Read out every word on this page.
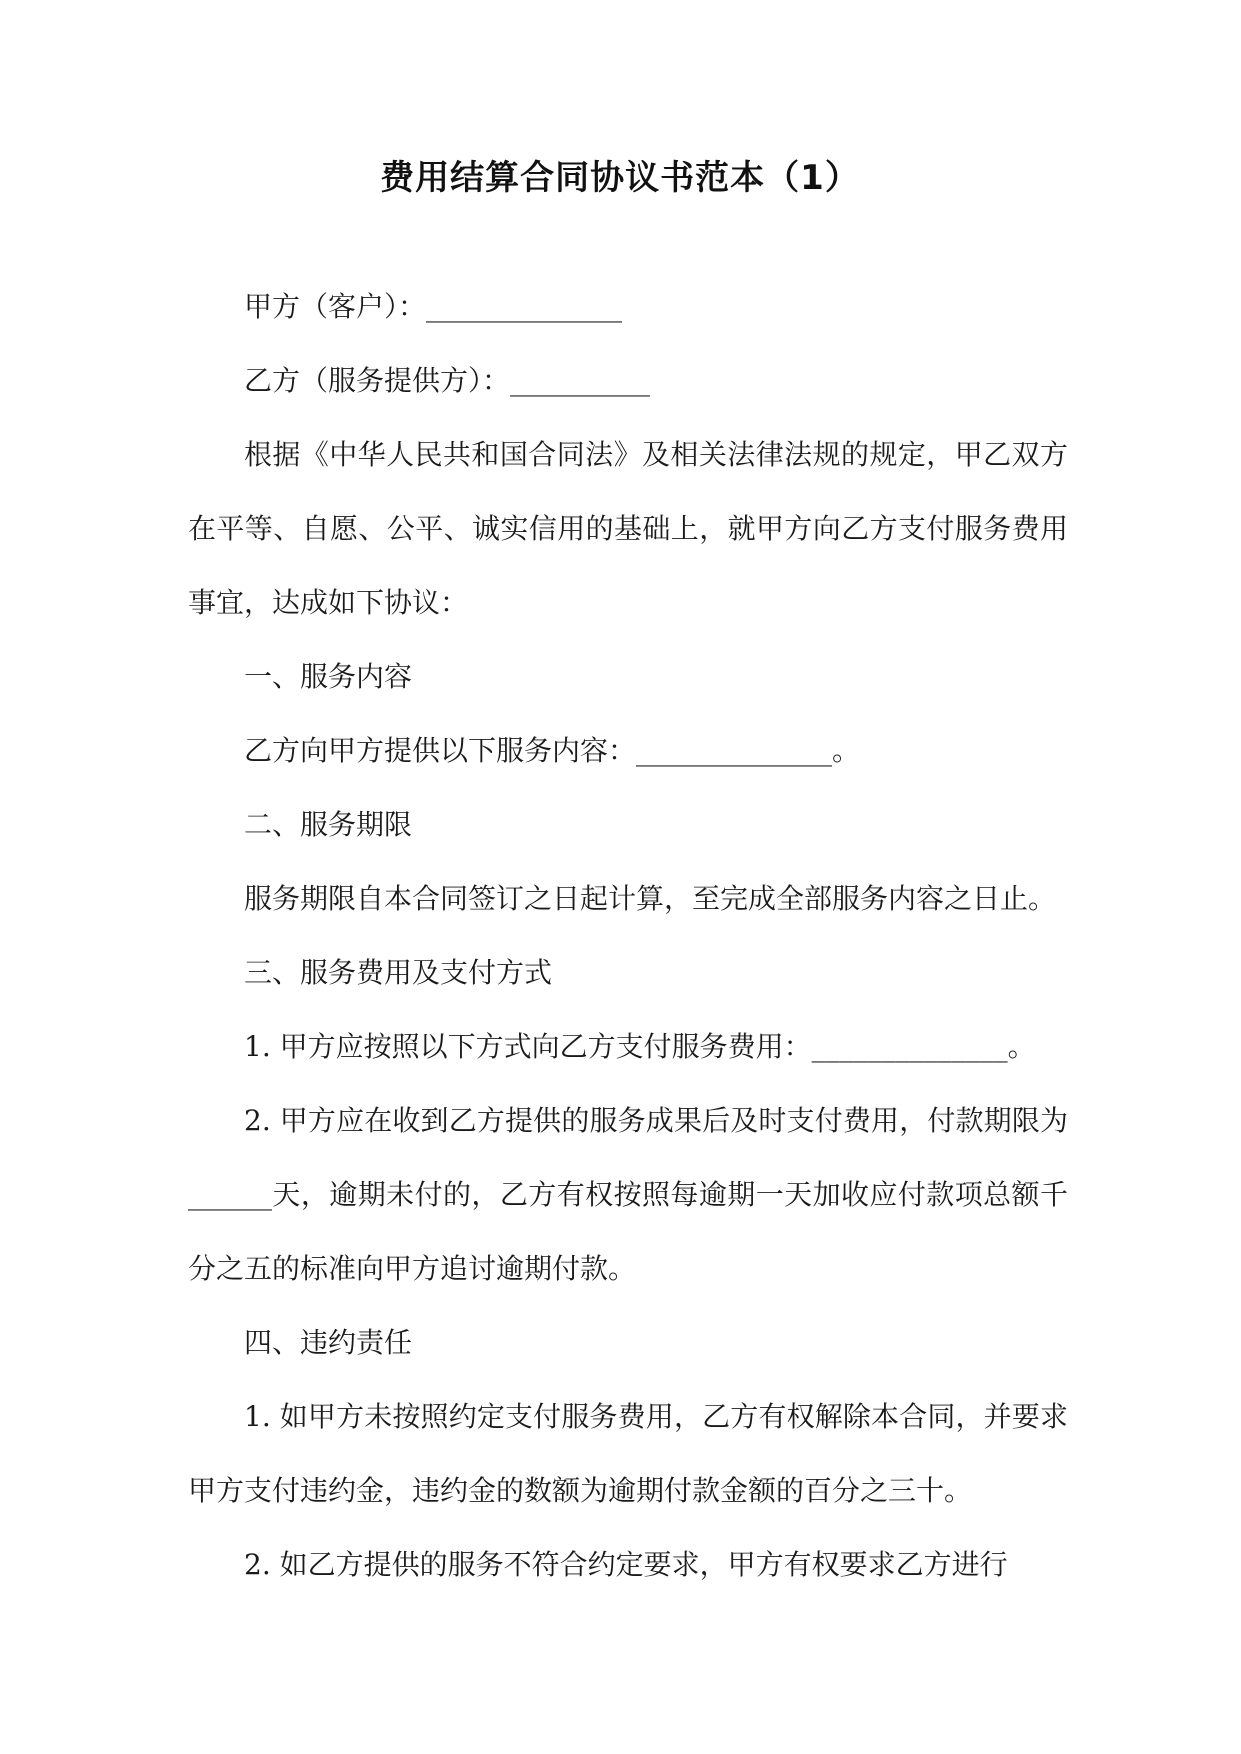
费用结算合同协议书范本（1）

甲方（客户）：______________

乙方（服务提供方）：__________

根据《中华人民共和国合同法》及相关法律法规的规定，甲乙双方在平等、自愿、公平、诚实信用的基础上，就甲方向乙方支付服务费用事宜，达成如下协议：

一、服务内容

乙方向甲方提供以下服务内容：______________。

二、服务期限

服务期限自本合同签订之日起计算，至完成全部服务内容之日止。

三、服务费用及支付方式

1. 甲方应按照以下方式向乙方支付服务费用：______________。

2. 甲方应在收到乙方提供的服务成果后及时支付费用，付款期限为______天，逾期未付的，乙方有权按照每逾期一天加收应付款项总额千分之五的标准向甲方追讨逾期付款。

四、违约责任

1. 如甲方未按照约定支付服务费用，乙方有权解除本合同，并要求甲方支付违约金，违约金的数额为逾期付款金额的百分之三十。

2. 如乙方提供的服务不符合约定要求，甲方有权要求乙方进行
